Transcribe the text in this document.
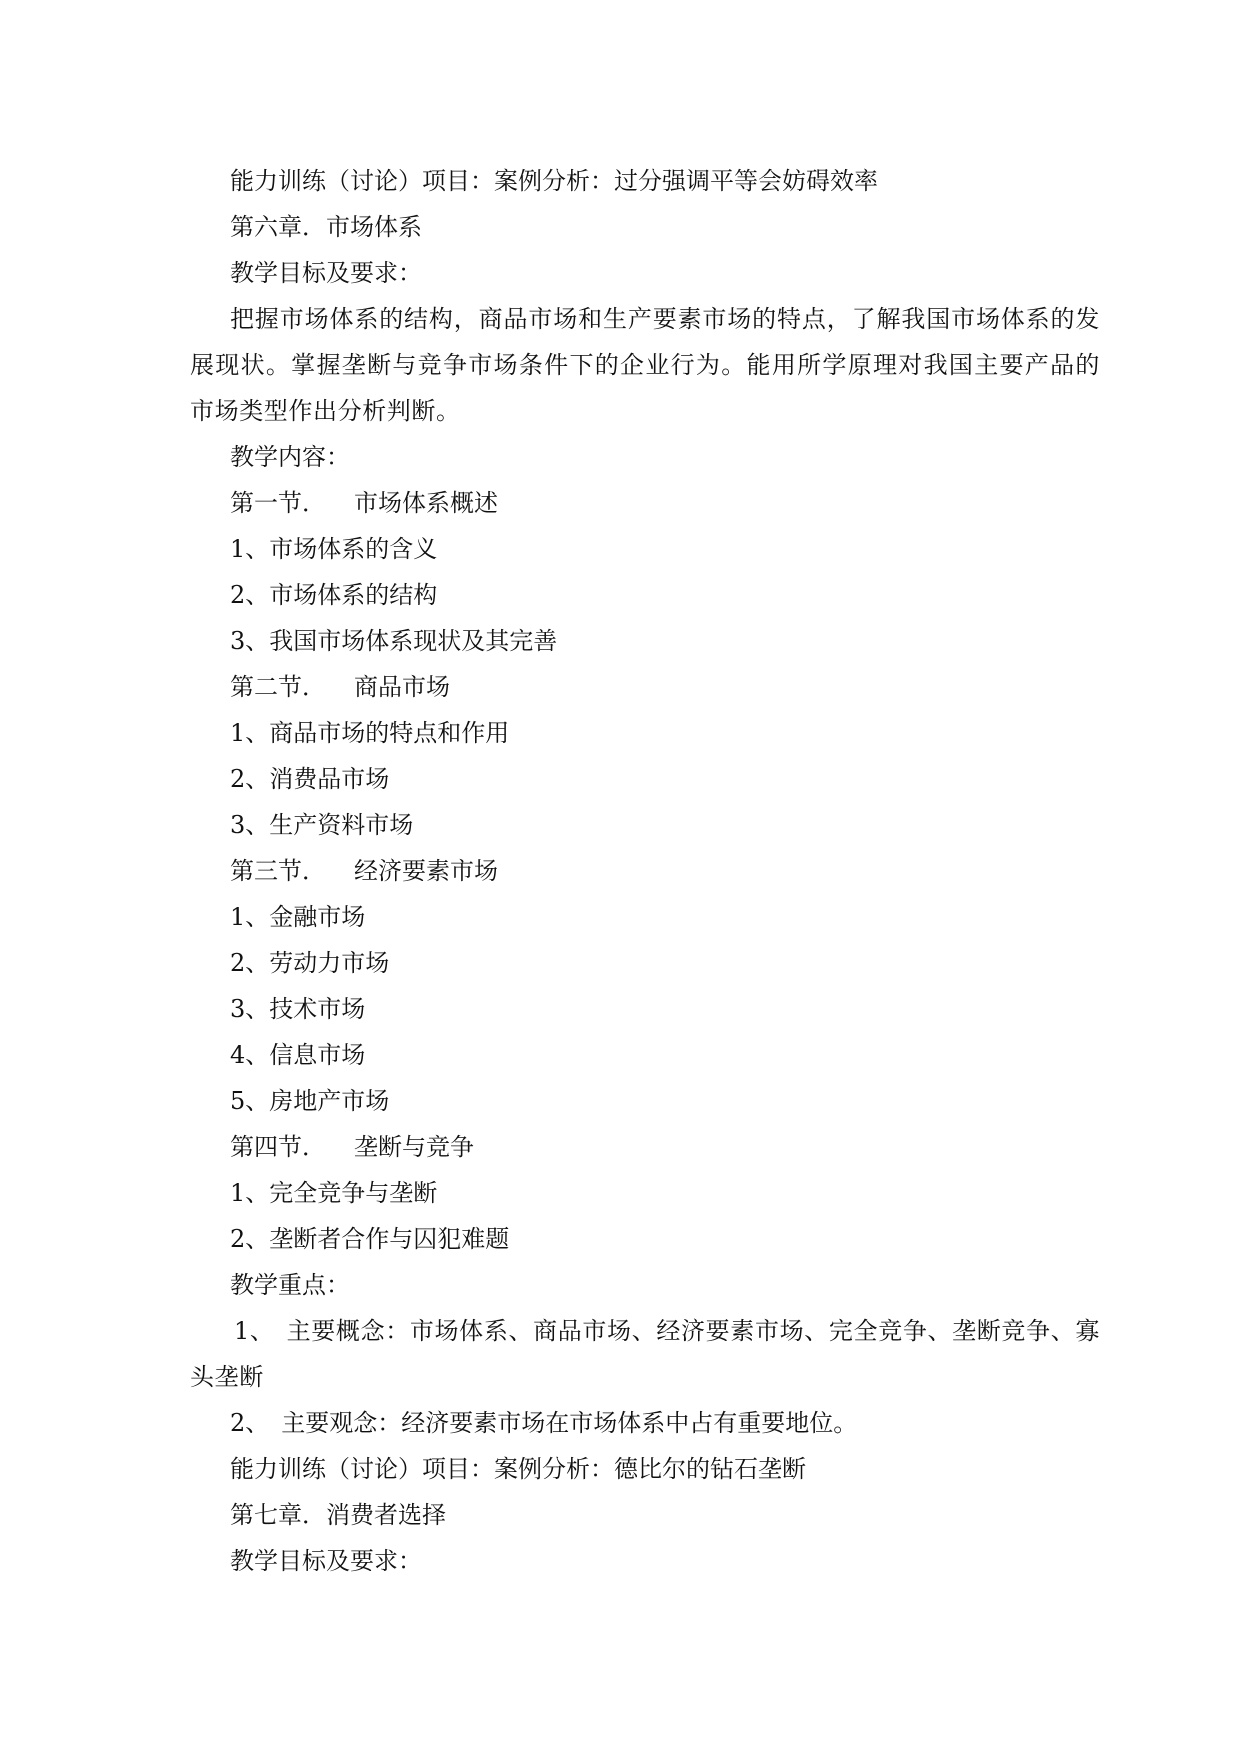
能力训练（讨论）项目：案例分析：过分强调平等会妨碍效率
第六章．市场体系
教学目标及要求：
把握市场体系的结构，商品市场和生产要素市场的特点，了解我国市场体系的发展现状。掌握垄断与竞争市场条件下的企业行为。能用所学原理对我国主要产品的市场类型作出分析判断。
教学内容：
第一节． 市场体系概述
1、市场体系的含义
2、市场体系的结构
3、我国市场体系现状及其完善
第二节． 商品市场
1、商品市场的特点和作用
2、消费品市场
3、生产资料市场
第三节． 经济要素市场
1、金融市场
2、劳动力市场
3、技术市场
4、信息市场
5、房地产市场
第四节． 垄断与竞争
1、完全竞争与垄断
2、垄断者合作与囚犯难题
教学重点：
1、 主要概念：市场体系、商品市场、经济要素市场、完全竞争、垄断竞争、寡头垄断
2、 主要观念：经济要素市场在市场体系中占有重要地位。
能力训练（讨论）项目：案例分析：德比尔的钻石垄断
第七章．消费者选择
教学目标及要求：
